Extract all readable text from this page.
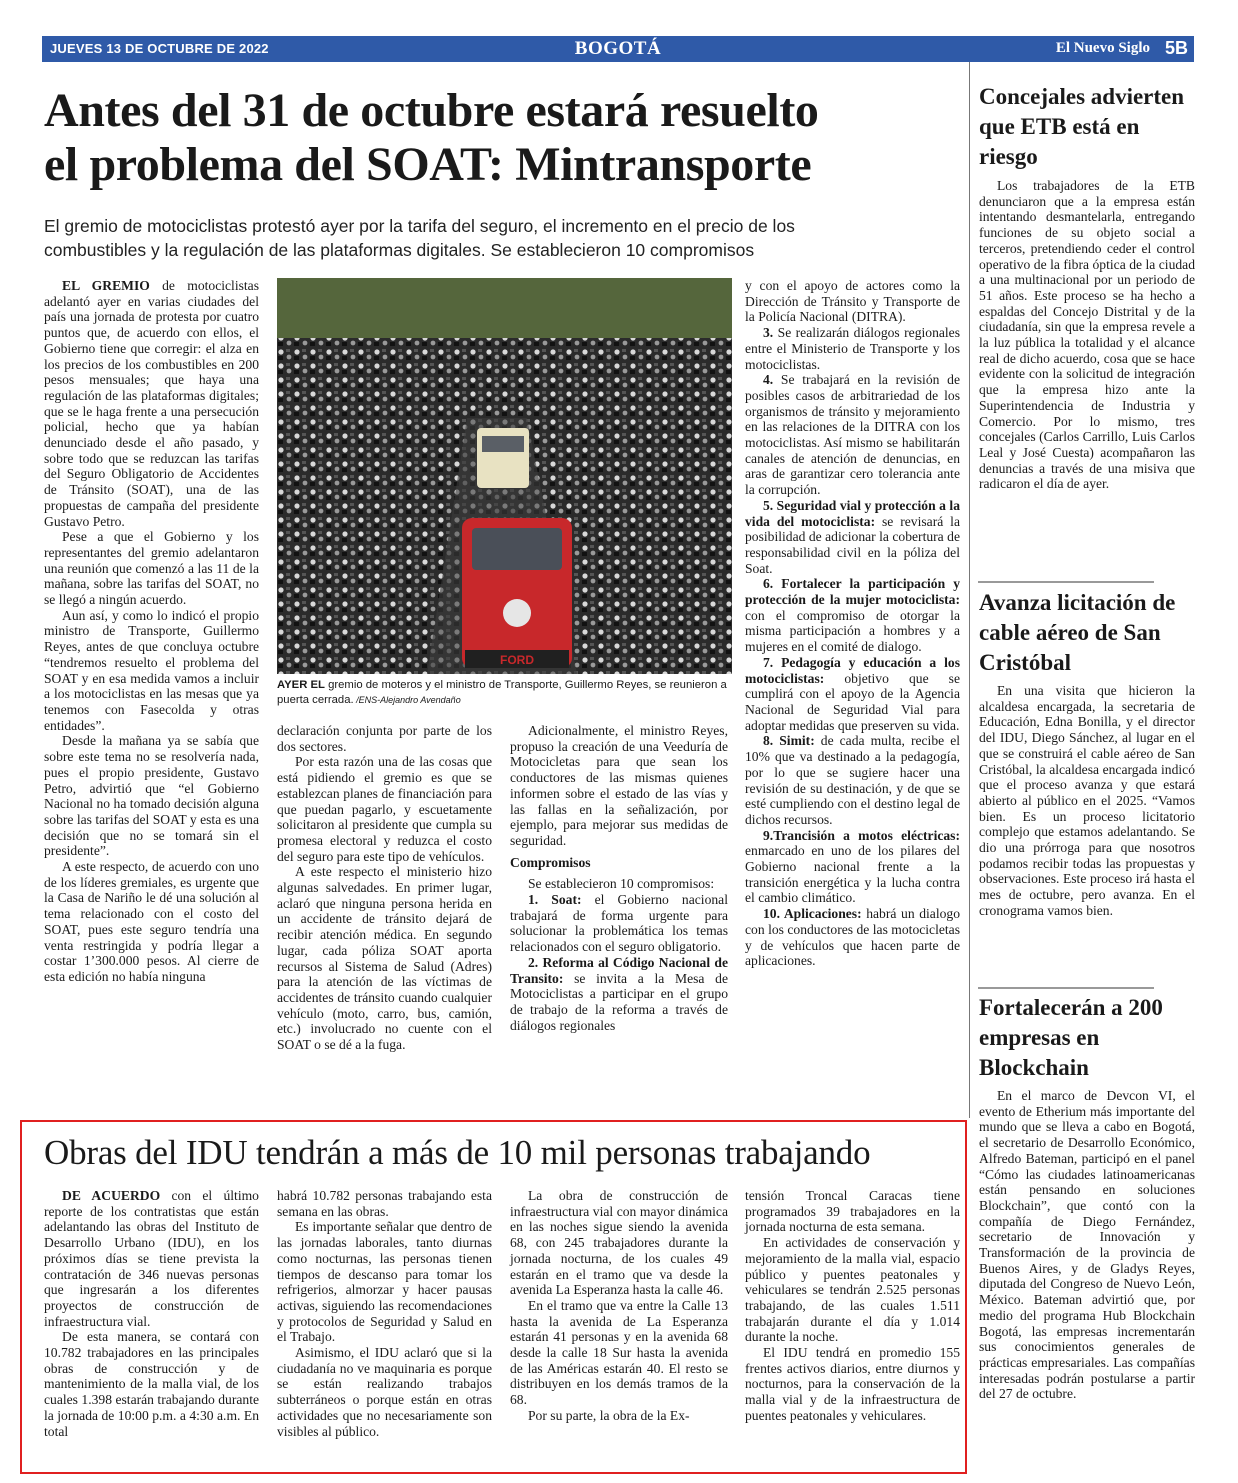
JUEVES 13 DE OCTUBRE DE 2022	BOGOTÁ	El Nuevo Siglo 5B
Antes del 31 de octubre estará resuelto
el problema del SOAT: Mintransporte
El gremio de motociclistas protestó ayer por la tarifa del seguro, el incremento en el precio de los
combustibles y la regulación de las plataformas digitales. Se establecieron 10 compromisos

EL GREMIO de motociclistas adelantó ayer en varias ciudades del país una jornada de protesta por cuatro puntos que, de acuerdo con ellos, el Gobierno tiene que corregir: el alza en los precios de los combustibles en 200 pesos mensuales; que haya una regulación de las plataformas digitales; que se le haga frente a una persecución policial, hecho que ya habían denunciado desde el año pasado, y sobre todo que se reduzcan las tarifas del Seguro Obligatorio de Accidentes de Tránsito (SOAT), una de las propuestas de campaña del presidente Gustavo Petro.

Pese a que el Gobierno y los representantes del gremio adelantaron una reunión que comenzó a las 11 de la mañana, sobre las tarifas del SOAT, no se llegó a ningún acuerdo.

Aun así, y como lo indicó el propio ministro de Transporte, Guillermo Reyes, antes de que concluya octubre “tendremos resuelto el problema del SOAT y en esa medida vamos a incluir a los motociclistas en las mesas que ya tenemos con Fasecolda y otras entidades”.

Desde la mañana ya se sabía que sobre este tema no se resolvería nada, pues el propio presidente, Gustavo Petro, advirtió que “el Gobierno Nacional no ha tomado decisión alguna sobre las tarifas del SOAT y esta es una decisión que no se tomará sin el presidente”.

A este respecto, de acuerdo con uno de los líderes gremiales, es urgente que la Casa de Nariño le dé una solución al tema relacionado con el costo del SOAT, pues este seguro tendría una venta restringida y podría llegar a costar 1’300.000 pesos. Al cierre de esta edición no había ninguna

FORD
AYER EL gremio de moteros y el ministro de Transporte, Guillermo Reyes, se reunieron a puerta cerrada. /ENS-Alejandro Avendaño

declaración conjunta por parte de los dos sectores.

Por esta razón una de las cosas que está pidiendo el gremio es que se establezcan planes de financiación para que puedan pagarlo, y escuetamente solicitaron al presidente que cumpla su promesa electoral y reduzca el costo del seguro para este tipo de vehículos.

A este respecto el ministerio hizo algunas salvedades. En primer lugar, aclaró que ninguna persona herida en un accidente de tránsito dejará de recibir atención médica. En segundo lugar, cada póliza SOAT aporta recursos al Sistema de Salud (Adres) para la atención de las víctimas de accidentes de tránsito cuando cualquier vehículo (moto, carro, bus, camión, etc.) involucrado no cuente con el SOAT o se dé a la fuga.

Adicionalmente, el ministro Reyes, propuso la creación de una Veeduría de Motocicletas para que sean los conductores de las mismas quienes informen sobre el estado de las vías y las fallas en la señalización, por ejemplo, para mejorar sus medidas de seguridad.

Compromisos

Se establecieron 10 compromisos:

1. Soat: el Gobierno nacional trabajará de forma urgente para solucionar la problemática los temas relacionados con el seguro obligatorio.

2. Reforma al Código Nacional de Transito: se invita a la Mesa de Motociclistas a participar en el grupo de trabajo de la reforma a través de diálogos regionales

y con el apoyo de actores como la Dirección de Tránsito y Transporte de la Policía Nacional (DITRA).

3. Se realizarán diálogos regionales entre el Ministerio de Transporte y los motociclistas.

4. Se trabajará en la revisión de posibles casos de arbitrariedad de los organismos de tránsito y mejoramiento en las relaciones de la DITRA con los motociclistas. Así mismo se habilitarán canales de atención de denuncias, en aras de garantizar cero tolerancia ante la corrupción.

5. Seguridad vial y protección a la vida del motociclista: se revisará la posibilidad de adicionar la cobertura de responsabilidad civil en la póliza del Soat.

6. Fortalecer la participación y protección de la mujer motociclista: con el compromiso de otorgar la misma participación a hombres y a mujeres en el comité de dialogo.

7. Pedagogía y educación a los motociclistas: objetivo que se cumplirá con el apoyo de la Agencia Nacional de Seguridad Vial para adoptar medidas que preserven su vida.

8. Simit: de cada multa, recibe el 10% que va destinado a la pedagogía, por lo que se sugiere hacer una revisión de su destinación, y de que se esté cumpliendo con el destino legal de dichos recursos.

9.Trancisión a motos eléctricas: enmarcado en uno de los pilares del Gobierno nacional frente a la transición energética y la lucha contra el cambio climático.

10. Aplicaciones: habrá un dialogo con los conductores de las motocicletas y de vehículos que hacen parte de aplicaciones.

Concejales advierten que ETB está en riesgo

Los trabajadores de la ETB denunciaron que a la empresa están intentando desmantelarla, entregando funciones de su objeto social a terceros, pretendiendo ceder el control operativo de la fibra óptica de la ciudad a una multinacional por un periodo de 51 años. Este proceso se ha hecho a espaldas del Concejo Distrital y de la ciudadanía, sin que la empresa revele a la luz pública la totalidad y el alcance real de dicho acuerdo, cosa que se hace evidente con la solicitud de integración que la empresa hizo ante la Superintendencia de Industria y Comercio. Por lo mismo, tres concejales (Carlos Carrillo, Luis Carlos Leal y José Cuesta) acompañaron las denuncias a través de una misiva que radicaron el día de ayer.

Avanza licitación de cable aéreo de San Cristóbal

En una visita que hicieron la alcaldesa encargada, la secretaria de Educación, Edna Bonilla, y el director del IDU, Diego Sánchez, al lugar en el que se construirá el cable aéreo de San Cristóbal, la alcaldesa encargada indicó que el proceso avanza y que estará abierto al público en el 2025. “Vamos bien. Es un proceso licitatorio complejo que estamos adelantando. Se dio una prórroga para que nosotros podamos recibir todas las propuestas y observaciones. Este proceso irá hasta el mes de octubre, pero avanza. En el cronograma vamos bien.

Fortalecerán a 200 empresas en Blockchain

En el marco de Devcon VI, el evento de Etherium más importante del mundo que se lleva a cabo en Bogotá, el secretario de Desarrollo Económico, Alfredo Bateman, participó en el panel “Cómo las ciudades latinoamericanas están pensando en soluciones Blockchain”, que contó con la compañía de Diego Fernández, secretario de Innovación y Transformación de la provincia de Buenos Aires, y de Gladys Reyes, diputada del Congreso de Nuevo León, México. Bateman advirtió que, por medio del programa Hub Blockchain Bogotá, las empresas incrementarán sus conocimientos generales de prácticas empresariales. Las compañías interesadas podrán postularse a partir del 27 de octubre.

Obras del IDU tendrán a más de 10 mil personas trabajando

DE ACUERDO con el último reporte de los contratistas que están adelantando las obras del Instituto de Desarrollo Urbano (IDU), en los próximos días se tiene prevista la contratación de 346 nuevas personas que ingresarán a los diferentes proyectos de construcción de infraestructura vial.

De esta manera, se contará con 10.782 trabajadores en las principales obras de construcción y de mantenimiento de la malla vial, de los cuales 1.398 estarán trabajando durante la jornada de 10:00 p.m. a 4:30 a.m. En total

habrá 10.782 personas trabajando esta semana en las obras.

Es importante señalar que dentro de las jornadas laborales, tanto diurnas como nocturnas, las personas tienen tiempos de descanso para tomar los refrigerios, almorzar y hacer pausas activas, siguiendo las recomendaciones y protocolos de Seguridad y Salud en el Trabajo.

Asimismo, el IDU aclaró que si la ciudadanía no ve maquinaria es porque se están realizando trabajos subterráneos o porque están en otras actividades que no necesariamente son visibles al público.

La obra de construcción de infraestructura vial con mayor dinámica en las noches sigue siendo la avenida 68, con 245 trabajadores durante la jornada nocturna, de los cuales 49 estarán en el tramo que va desde la avenida La Esperanza hasta la calle 46.

En el tramo que va entre la Calle 13 hasta la avenida de La Esperanza estarán 41 personas y en la avenida 68 desde la calle 18 Sur hasta la avenida de las Américas estarán 40. El resto se distribuyen en los demás tramos de la 68.

Por su parte, la obra de la Ex-

tensión Troncal Caracas tiene programados 39 trabajadores en la jornada nocturna de esta semana.

En actividades de conservación y mejoramiento de la malla vial, espacio público y puentes peatonales y vehiculares se tendrán 2.525 personas trabajando, de las cuales 1.511 trabajarán durante el día y 1.014 durante la noche.

El IDU tendrá en promedio 155 frentes activos diarios, entre diurnos y nocturnos, para la conservación de la malla vial y de la infraestructura de puentes peatonales y vehiculares.
